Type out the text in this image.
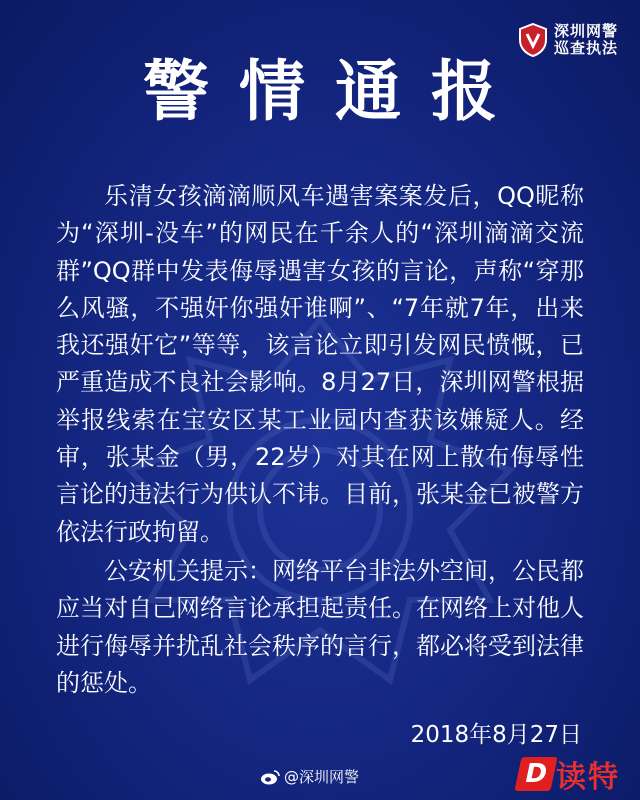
深圳网警
巡查执法
警情通报

乐清女孩滴滴顺风车遇害案案发后，QQ昵称为“深圳-没车”的网民在千余人的“深圳滴滴交流群”QQ群中发表侮辱遇害女孩的言论，声称“穿那么风骚，不强奸你强奸谁啊”、“7年就7年，出来我还强奸它”等等，该言论立即引发网民愤慨，已严重造成不良社会影响。8月27日，深圳网警根据举报线索在宝安区某工业园内查获该嫌疑人。经审，张某金（男，22岁）对其在网上散布侮辱性言论的违法行为供认不讳。目前，张某金已被警方依法行政拘留。

公安机关提示：网络平台非法外空间，公民都应当对自己网络言论承担起责任。在网络上对他人进行侮辱并扰乱社会秩序的言行，都必将受到法律的惩处。

2018年8月27日
@深圳网警	D 读特
